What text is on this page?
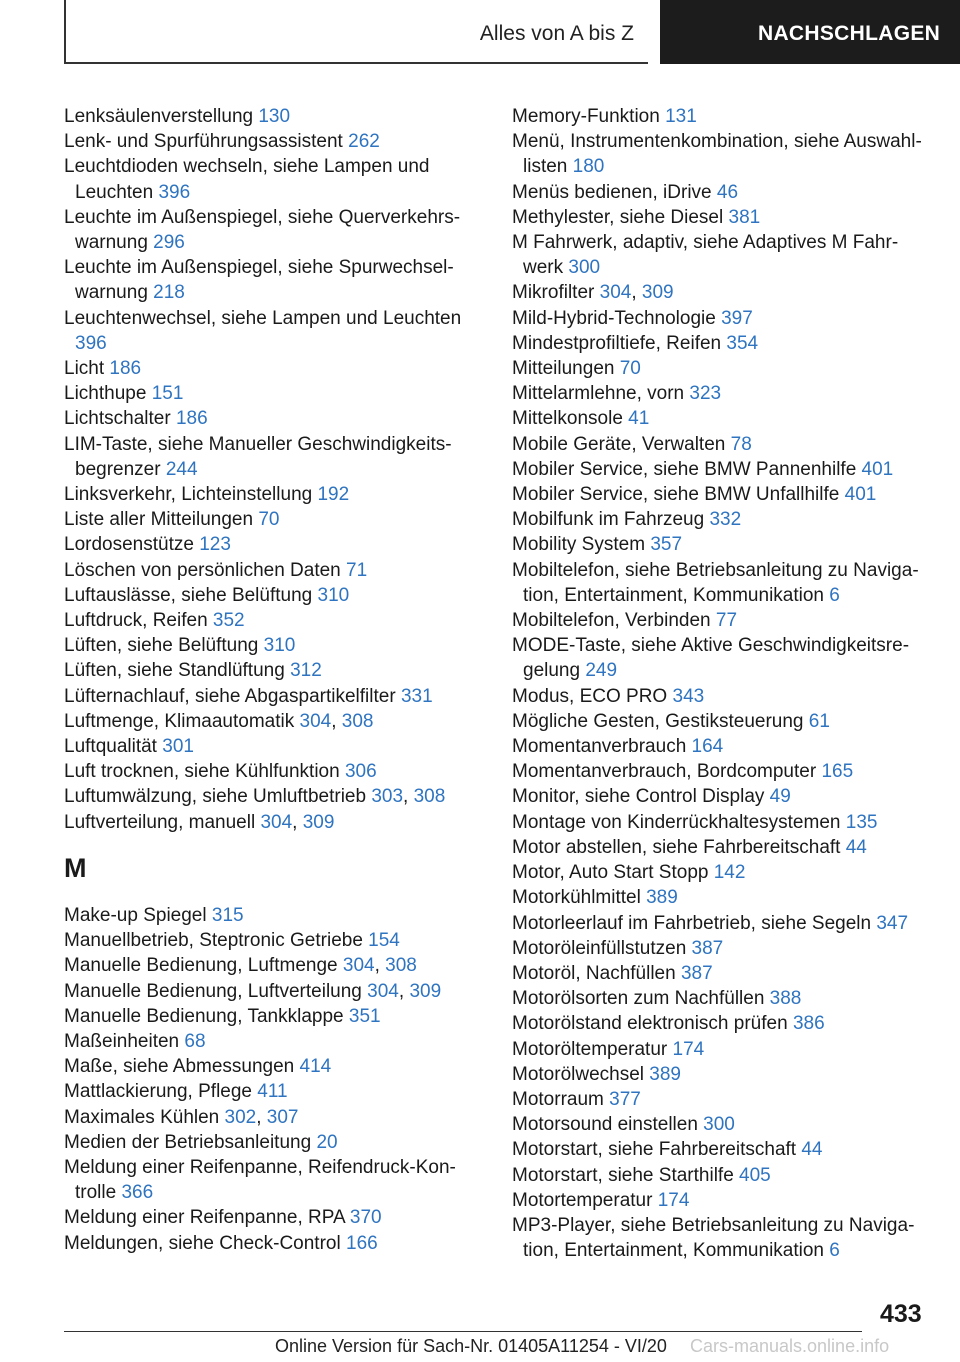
Alles von A bis Z	NACHSCHLAGEN
Lenksäulenverstellung 130
Lenk- und Spurführungsassistent 262
Leuchtdioden wechseln, siehe Lampen und Leuchten 396
Leuchte im Außenspiegel, siehe Querverkehrswarnung 296
Leuchte im Außenspiegel, siehe Spurwechselwarnung 218
Leuchtenwechsel, siehe Lampen und Leuchten 396
Licht 186
Lichthupe 151
Lichtschalter 186
LIM-Taste, siehe Manueller Geschwindigkeitsbegrenzer 244
Linksverkehr, Lichteinstellung 192
Liste aller Mitteilungen 70
Lordosenstütze 123
Löschen von persönlichen Daten 71
Luftauslässe, siehe Belüftung 310
Luftdruck, Reifen 352
Lüften, siehe Belüftung 310
Lüften, siehe Standlüftung 312
Lüfternachlauf, siehe Abgaspartikelfilter 331
Luftmenge, Klimaautomatik 304, 308
Luftqualität 301
Luft trocknen, siehe Kühlfunktion 306
Luftumwälzung, siehe Umluftbetrieb 303, 308
Luftverteilung, manuell 304, 309
M
Make-up Spiegel 315
Manuellbetrieb, Steptronic Getriebe 154
Manuelle Bedienung, Luftmenge 304, 308
Manuelle Bedienung, Luftverteilung 304, 309
Manuelle Bedienung, Tankklappe 351
Maßeinheiten 68
Maße, siehe Abmessungen 414
Mattlackierung, Pflege 411
Maximales Kühlen 302, 307
Medien der Betriebsanleitung 20
Meldung einer Reifenpanne, Reifendruck-Kontrolle 366
Meldung einer Reifenpanne, RPA 370
Meldungen, siehe Check-Control 166
Memory-Funktion 131
Menü, Instrumentenkombination, siehe Auswahllisten 180
Menüs bedienen, iDrive 46
Methylester, siehe Diesel 381
M Fahrwerk, adaptiv, siehe Adaptives M Fahrwerk 300
Mikrofilter 304, 309
Mild-Hybrid-Technologie 397
Mindestprofiltiefe, Reifen 354
Mitteilungen 70
Mittelarmlehne, vorn 323
Mittelkonsole 41
Mobile Geräte, Verwalten 78
Mobiler Service, siehe BMW Pannenhilfe 401
Mobiler Service, siehe BMW Unfallhilfe 401
Mobilfunk im Fahrzeug 332
Mobility System 357
Mobiltelefon, siehe Betriebsanleitung zu Navigation, Entertainment, Kommunikation 6
Mobiltelefon, Verbinden 77
MODE-Taste, siehe Aktive Geschwindigkeitsregelung 249
Modus, ECO PRO 343
Mögliche Gesten, Gestiksteuerung 61
Momentanverbrauch 164
Momentanverbrauch, Bordcomputer 165
Monitor, siehe Control Display 49
Montage von Kinderrückhaltesystemen 135
Motor abstellen, siehe Fahrbereitschaft 44
Motor, Auto Start Stopp 142
Motorkühlmittel 389
Motorleerlauf im Fahrbetrieb, siehe Segeln 347
Motoröleinfüllstutzen 387
Motoröl, Nachfüllen 387
Motorölsorten zum Nachfüllen 388
Motorölstand elektronisch prüfen 386
Motoröltemperatur 174
Motorölwechsel 389
Motorraum 377
Motorsound einstellen 300
Motorstart, siehe Fahrbereitschaft 44
Motorstart, siehe Starthilfe 405
Motortemperatur 174
MP3-Player, siehe Betriebsanleitung zu Navigation, Entertainment, Kommunikation 6
433
Online Version für Sach-Nr. 01405A11254 - VI/20 Cars-manuals.online.info
